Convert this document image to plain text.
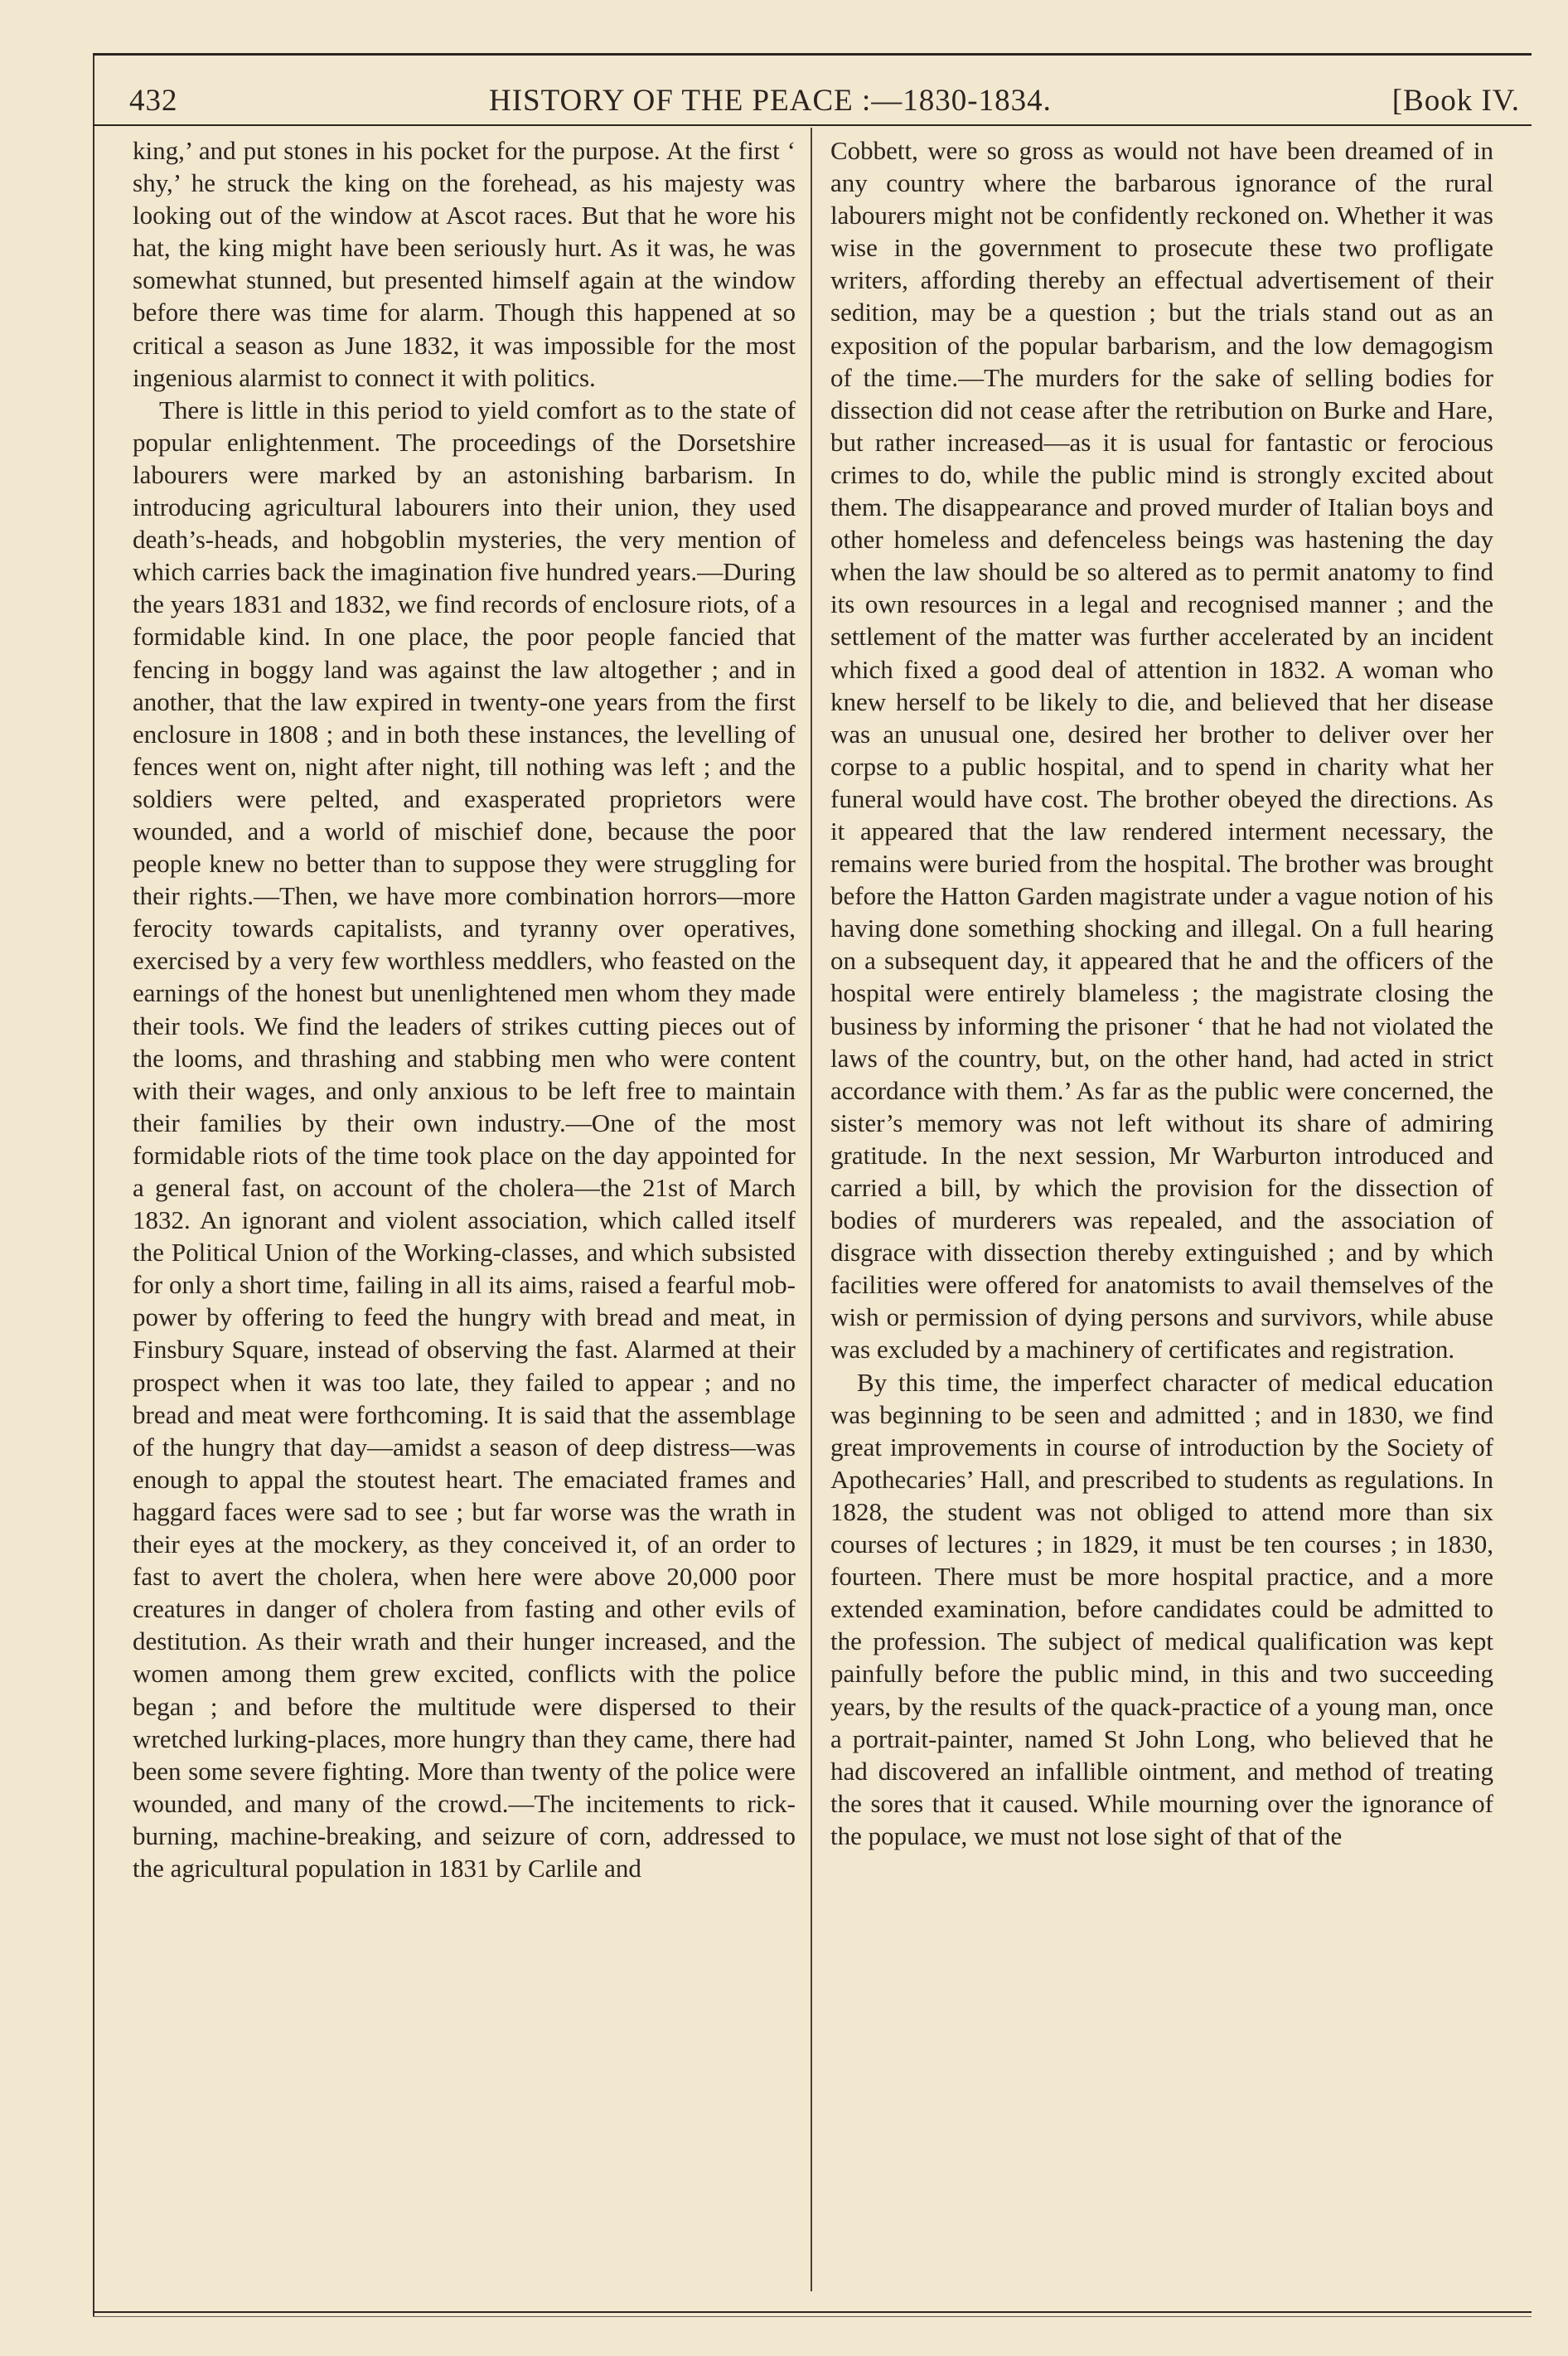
432	HISTORY OF THE PEACE :—1830-1834.	[Book IV.

king,’ and put stones in his pocket for the purpose. At the first ‘ shy,’ he struck the king on the forehead, as his majesty was looking out of the window at Ascot races. But that he wore his hat, the king might have been seriously hurt. As it was, he was somewhat stunned, but presented himself again at the window before there was time for alarm. Though this happened at so critical a season as June 1832, it was impossible for the most ingenious alarmist to connect it with politics.

There is little in this period to yield comfort as to the state of popular enlightenment. The proceedings of the Dorsetshire labourers were marked by an astonishing barbarism. In introducing agricultural labourers into their union, they used death’s-heads, and hobgoblin mysteries, the very mention of which carries back the imagination five hundred years.—During the years 1831 and 1832, we find records of enclosure riots, of a formidable kind. In one place, the poor people fancied that fencing in boggy land was against the law altogether ; and in another, that the law expired in twenty-one years from the first enclosure in 1808 ; and in both these instances, the levelling of fences went on, night after night, till nothing was left ; and the soldiers were pelted, and exasperated proprietors were wounded, and a world of mischief done, because the poor people knew no better than to suppose they were struggling for their rights.—Then, we have more combination horrors—more ferocity towards capitalists, and tyranny over operatives, exercised by a very few worthless meddlers, who feasted on the earnings of the honest but unenlightened men whom they made their tools. We find the leaders of strikes cutting pieces out of the looms, and thrashing and stabbing men who were content with their wages, and only anxious to be left free to maintain their families by their own industry.—One of the most formidable riots of the time took place on the day appointed for a general fast, on account of the cholera—the 21st of March 1832. An ignorant and violent association, which called itself the Political Union of the Working-classes, and which subsisted for only a short time, failing in all its aims, raised a fearful mob-power by offering to feed the hungry with bread and meat, in Finsbury Square, instead of observing the fast. Alarmed at their prospect when it was too late, they failed to appear ; and no bread and meat were forthcoming. It is said that the assemblage of the hungry that day—amidst a season of deep distress—was enough to appal the stoutest heart. The emaciated frames and haggard faces were sad to see ; but far worse was the wrath in their eyes at the mockery, as they conceived it, of an order to fast to avert the cholera, when here were above 20,000 poor creatures in danger of cholera from fasting and other evils of destitution. As their wrath and their hunger increased, and the women among them grew excited, conflicts with the police began ; and before the multitude were dispersed to their wretched lurking-places, more hungry than they came, there had been some severe fighting. More than twenty of the police were wounded, and many of the crowd.—The incitements to rick-burning, machine-breaking, and seizure of corn, addressed to the agricultural population in 1831 by Carlile and

Cobbett, were so gross as would not have been dreamed of in any country where the barbarous ignorance of the rural labourers might not be confidently reckoned on. Whether it was wise in the government to prosecute these two profligate writers, affording thereby an effectual advertisement of their sedition, may be a question ; but the trials stand out as an exposition of the popular barbarism, and the low demagogism of the time.—The murders for the sake of selling bodies for dissection did not cease after the retribution on Burke and Hare, but rather increased—as it is usual for fantastic or ferocious crimes to do, while the public mind is strongly excited about them. The disappearance and proved murder of Italian boys and other homeless and defenceless beings was hastening the day when the law should be so altered as to permit anatomy to find its own resources in a legal and recognised manner ; and the settlement of the matter was further accelerated by an incident which fixed a good deal of attention in 1832. A woman who knew herself to be likely to die, and believed that her disease was an unusual one, desired her brother to deliver over her corpse to a public hospital, and to spend in charity what her funeral would have cost. The brother obeyed the directions. As it appeared that the law rendered interment necessary, the remains were buried from the hospital. The brother was brought before the Hatton Garden magistrate under a vague notion of his having done something shocking and illegal. On a full hearing on a subsequent day, it appeared that he and the officers of the hospital were entirely blameless ; the magistrate closing the business by informing the prisoner ‘ that he had not violated the laws of the country, but, on the other hand, had acted in strict accordance with them.’ As far as the public were concerned, the sister’s memory was not left without its share of admiring gratitude. In the next session, Mr Warburton introduced and carried a bill, by which the provision for the dissection of bodies of murderers was repealed, and the association of disgrace with dissection thereby extinguished ; and by which facilities were offered for anatomists to avail themselves of the wish or permission of dying persons and survivors, while abuse was excluded by a machinery of certificates and registration.

By this time, the imperfect character of medical education was beginning to be seen and admitted ; and in 1830, we find great improvements in course of introduction by the Society of Apothecaries’ Hall, and prescribed to students as regulations. In 1828, the student was not obliged to attend more than six courses of lectures ; in 1829, it must be ten courses ; in 1830, fourteen. There must be more hospital practice, and a more extended examination, before candidates could be admitted to the profession. The subject of medical qualification was kept painfully before the public mind, in this and two succeeding years, by the results of the quack-practice of a young man, once a portrait-painter, named St John Long, who believed that he had discovered an infallible ointment, and method of treating the sores that it caused. While mourning over the ignorance of the populace, we must not lose sight of that of the
